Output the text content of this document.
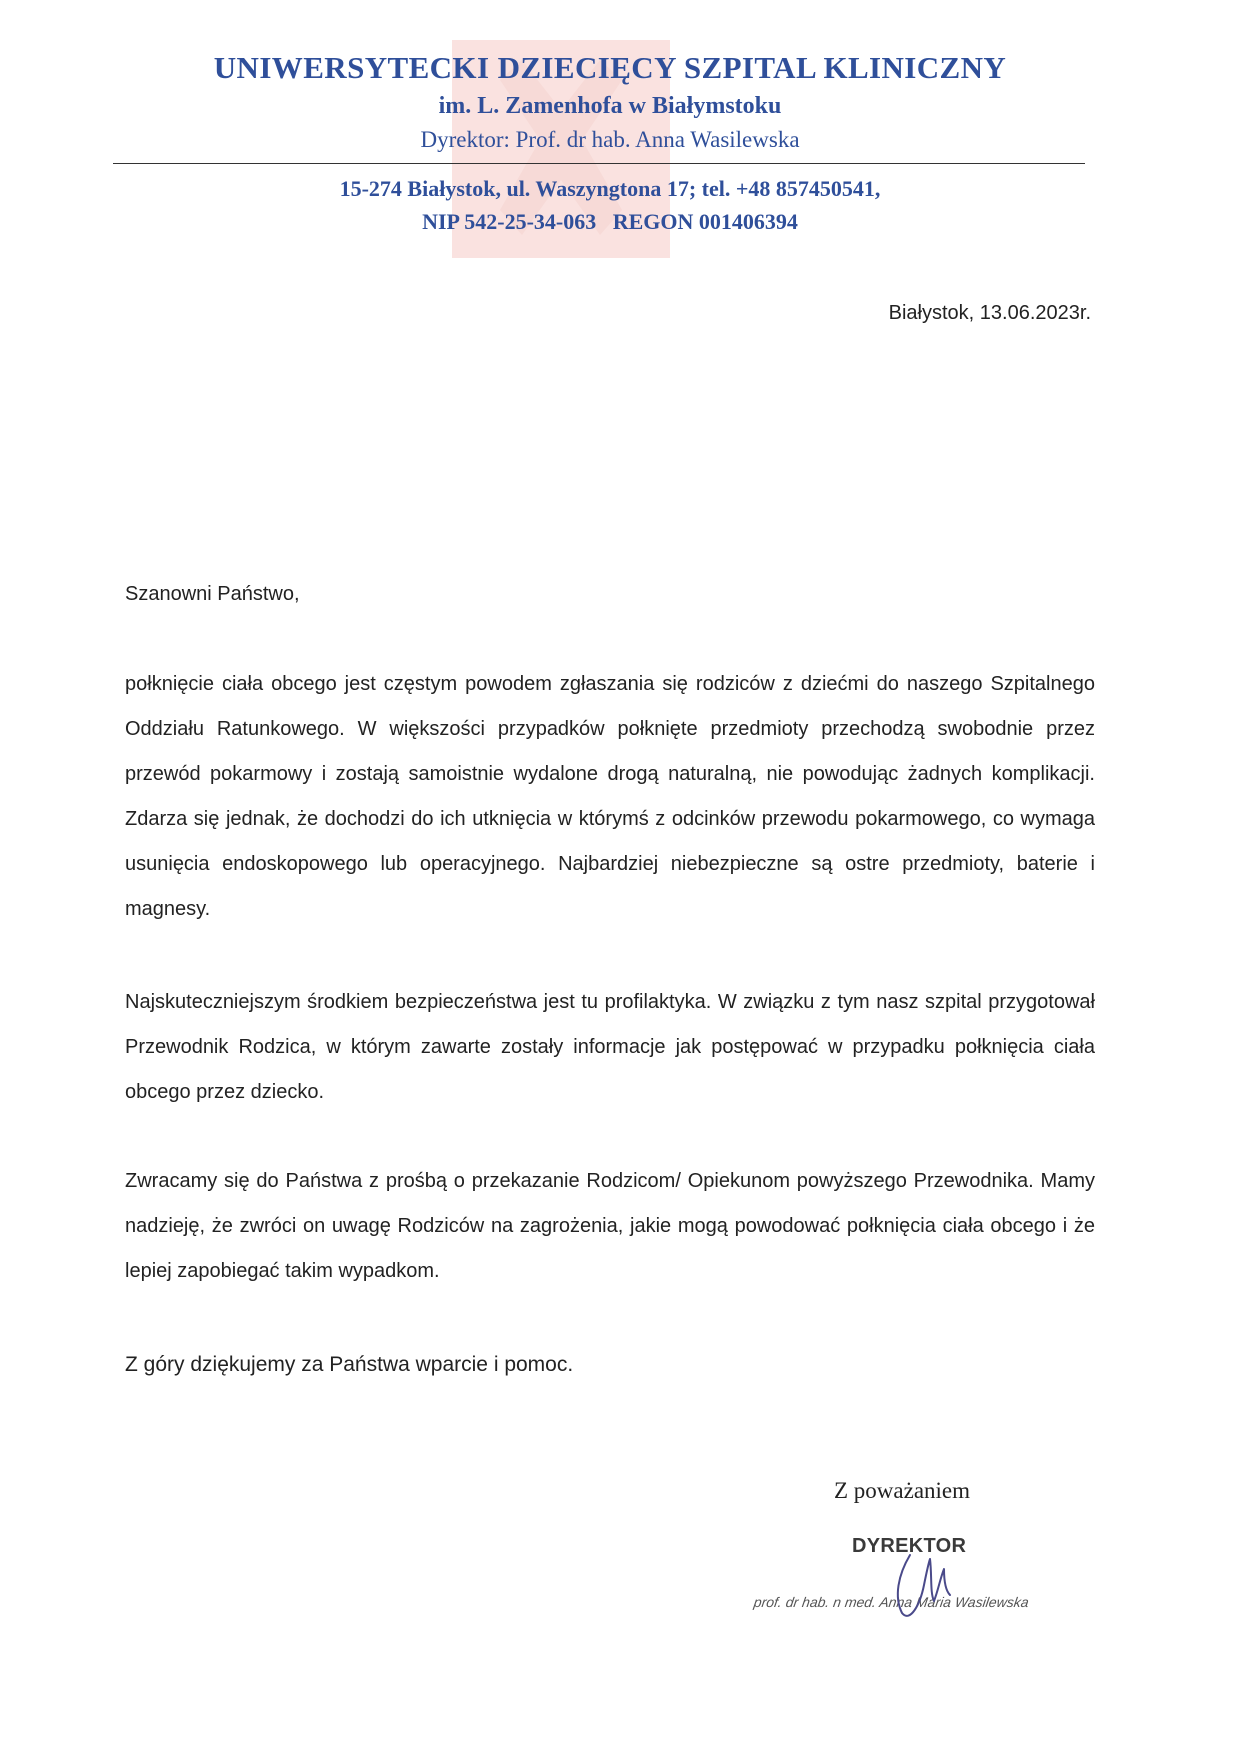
UNIWERSYTECKI DZIECIĘCY SZPITAL KLINICZNY
im. L. Zamenhofa w Białymstoku
Dyrektor: Prof. dr hab. Anna Wasilewska
15-274 Białystok, ul. Waszyngtona 17; tel. +48 857450541,
NIP 542-25-34-063   REGON 001406394
Białystok, 13.06.2023r.
Szanowni Państwo,
połknięcie ciała obcego jest częstym powodem zgłaszania się rodziców z dziećmi do naszego Szpitalnego Oddziału Ratunkowego. W większości przypadków połknięte przedmioty przechodzą swobodnie przez przewód pokarmowy i zostają samoistnie wydalone drogą naturalną, nie powodując żadnych komplikacji. Zdarza się jednak, że dochodzi do ich utknięcia w którymś z odcinków przewodu pokarmowego, co wymaga usunięcia endoskopowego lub operacyjnego. Najbardziej niebezpieczne są ostre przedmioty, baterie i magnesy.
Najskuteczniejszym środkiem bezpieczeństwa jest tu profilaktyka. W związku z tym nasz szpital przygotował Przewodnik Rodzica, w którym zawarte zostały informacje jak postępować w przypadku połknięcia ciała obcego przez dziecko.
Zwracamy się do Państwa z prośbą o przekazanie Rodzicom/ Opiekunom powyższego Przewodnika. Mamy nadzieję, że zwróci on uwagę Rodziców na zagrożenia, jakie mogą powodować połknięcia ciała obcego i że lepiej zapobiegać takim wypadkom.
Z góry dziękujemy za Państwa wparcie i pomoc.
Z poważaniem
DYREKTOR
prof. dr hab. n med. Anna Maria Wasilewska
